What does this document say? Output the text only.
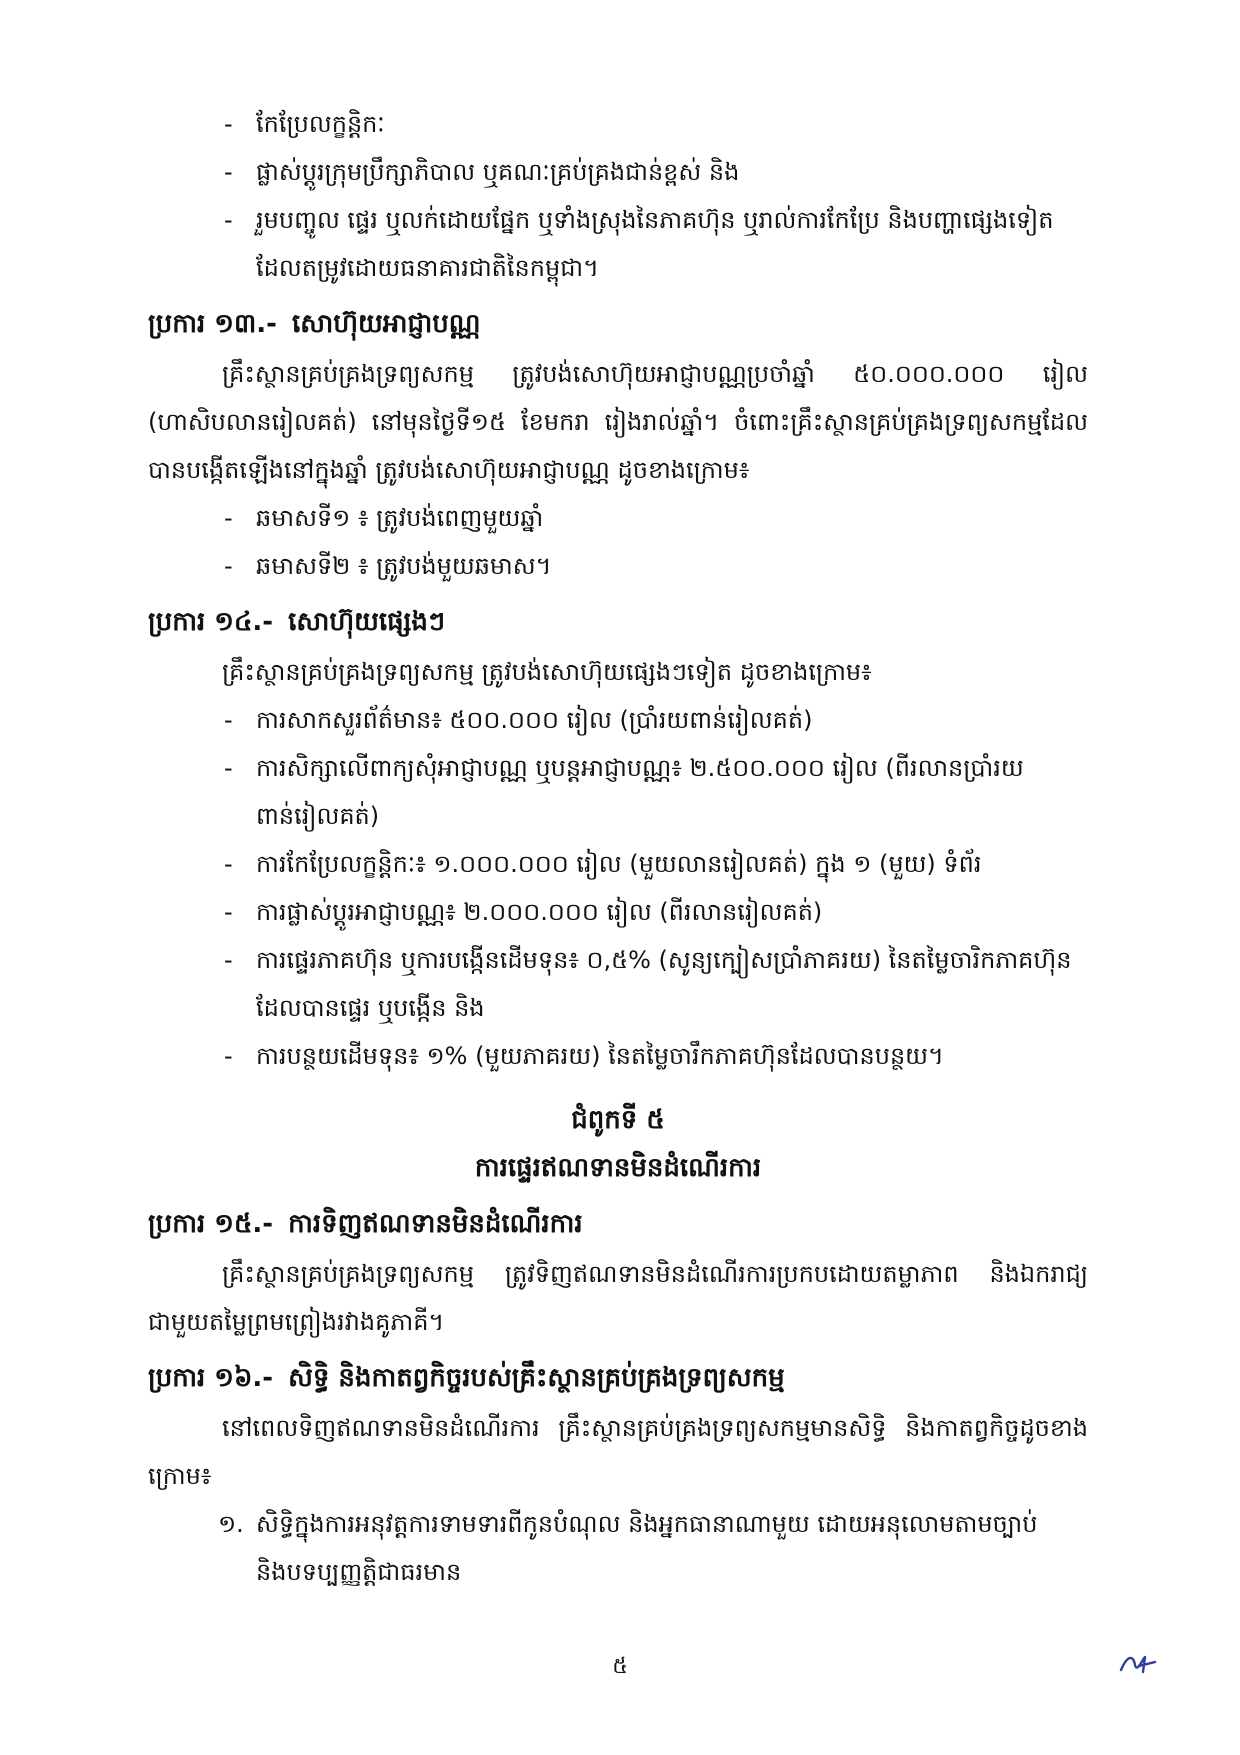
- កែប្រែលក្ខន្តិកៈ
- ផ្លាស់ប្តូរក្រុមប្រឹក្សាភិបាល ឬគណៈគ្រប់គ្រងជាន់ខ្ពស់ និង
- រួមបញ្ចូល ផ្ទេរ ឬលក់ដោយផ្នែក ឬទាំងស្រុងនៃភាគហ៊ុន ឬរាល់ការកែប្រែ និងបញ្ហាផ្សេងទៀតដែលតម្រូវដោយធនាគារជាតិនៃកម្ពុជា។
ប្រការ ១៣.- សោហ៊ុយអាជ្ញាបណ្ណ
គ្រឹះស្ថានគ្រប់គ្រងទ្រព្យសកម្ម ត្រូវបង់សោហ៊ុយអាជ្ញាបណ្ណប្រចាំឆ្នាំ ៥០.០០០.០០០ រៀល (ហាសិបលានរៀលគត់) នៅមុនថ្ងៃទី១៥ ខែមករា រៀងរាល់ឆ្នាំ។ ចំពោះគ្រឹះស្ថានគ្រប់គ្រងទ្រព្យសកម្មដែលបានបង្កើតឡើងនៅក្នុងឆ្នាំ ត្រូវបង់សោហ៊ុយអាជ្ញាបណ្ណ ដូចខាងក្រោម៖
- ឆមាសទី១ ៖ ត្រូវបង់ពេញមួយឆ្នាំ
- ឆមាសទី២ ៖ ត្រូវបង់មួយឆមាស។
ប្រការ ១៤.- សោហ៊ុយផ្សេងៗ
គ្រឹះស្ថានគ្រប់គ្រងទ្រព្យសកម្ម ត្រូវបង់សោហ៊ុយផ្សេងៗទៀត ដូចខាងក្រោម៖
- ការសាកសួរព័ត៌មាន៖ ៥០០.០០០ រៀល (ប្រាំរយពាន់រៀលគត់)
- ការសិក្សាលើពាក្យសុំអាជ្ញាបណ្ណ ឬបន្តអាជ្ញាបណ្ណ៖ ២.៥០០.០០០ រៀល (ពីរលានប្រាំរយពាន់រៀលគត់)
- ការកែប្រែលក្ខន្តិកៈ៖ ១.០០០.០០០ រៀល (មួយលានរៀលគត់) ក្នុង ១ (មួយ) ទំព័រ
- ការផ្លាស់ប្តូរអាជ្ញាបណ្ណ៖ ២.០០០.០០០ រៀល (ពីរលានរៀលគត់)
- ការផ្ទេរភាគហ៊ុន ឬការបង្កើនដើមទុន៖ ០,៥% (សូន្យក្បៀសប្រាំភាគរយ) នៃតម្លៃចារិកភាគហ៊ុនដែលបានផ្ទេរ ឬបង្កើន និង
- ការបន្ថយដើមទុន៖ ១% (មួយភាគរយ) នៃតម្លៃចារឹកភាគហ៊ុនដែលបានបន្ថយ។
ជំពូកទី ៥
ការផ្ទេរឥណទានមិនដំណើរការ
ប្រការ ១៥.- ការទិញឥណទានមិនដំណើរការ
គ្រឹះស្ថានគ្រប់គ្រងទ្រព្យសកម្ម ត្រូវទិញឥណទានមិនដំណើរការប្រកបដោយតម្លាភាព និងឯករាជ្យ ជាមួយតម្លៃព្រមព្រៀងរវាងគូភាគី។
ប្រការ ១៦.- សិទ្ធិ និងកាតព្វកិច្ចរបស់គ្រឹះស្ថានគ្រប់គ្រងទ្រព្យសកម្ម
នៅពេលទិញឥណទានមិនដំណើរការ គ្រឹះស្ថានគ្រប់គ្រងទ្រព្យសកម្មមានសិទ្ធិ និងកាតព្វកិច្ចដូចខាងក្រោម៖
១. សិទ្ធិក្នុងការអនុវត្តការទាមទារពីកូនបំណុល និងអ្នកធានាណាមួយ ដោយអនុលោមតាមច្បាប់និងបទប្បញ្ញត្តិជាធរមាន
៥
